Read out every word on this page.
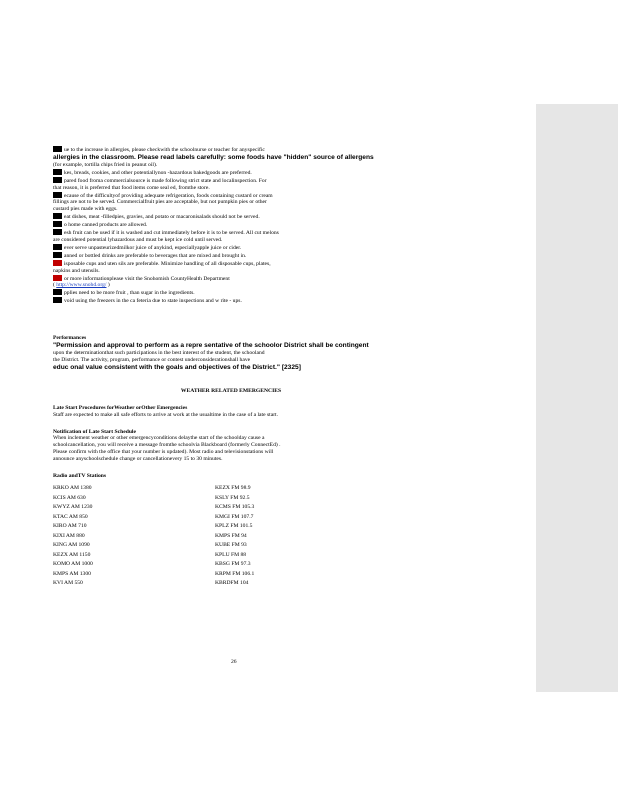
ue to the increase in allergies, please checkwith the schoolnurse or teacher for anyspecific
allergies in the classroom. Please read labels carefully: some foods have "hidden" source of allergens
(for example, tortilla chips fried in peanut oil).
kes, breads, cookies, and other potentiallynon -hazardous bakedgoods are preferred.
pared food froma commercialsource is made following strict state and localinspection. For
that reason, it is preferred that food items come seal ed, fromthe store.
ecause of the difficultyof providing adequate refrigeration, foods containing custard or cream
fillings are not to be served. Commercialfruit pies are acceptable, but not pumpkin pies or other
custard pies made with eggs.
eat dishes, meat -filledpies, gravies, and potato or macaronisalads should not be served.
o home canned products are allowed.
esh fruit can be used if it is washed and cut immediately before it is to be served. All cut melons
are considered potential lyhazardous and must be kept ice cold until served.
ever serve unpasteurizedmilkor juice of anykind, especiallyapple juice or cider.
anned or bottled drinks are preferable to beverages that are mixed and brought in.
isposable cups and uten sils are preferable. Minimize handling of all disposable cups, plates,
napkins and utensils.
or more informationplease visit the Snohomish CountyHealth Department
( http://www.snohd.org/ )
pplies need to be more fruit , than sugar in the ingredients.
void using the freezers in the ca feteria due to state inspections and w rite - ups.
Performances
"Permission and approval to perform as a repre sentative of the schoolor District shall be contingent
upon the determinationthat such participations in the best interest of the student, the schooland
the District. The activity, program, performance or contest underconsiderationshall have
educ onal value consistent with the goals and objectives of the District." [2325]
WEATHER RELATED EMERGENCIES
Late Start Procedures forWeather orOther Emergencies
Staff are expected to make all safe efforts to arrive at work at the usualtime in the case of a late start.
Notification of Late Start Schedule
When inclement weather or other emergencyconditions delaythe start of the schoolday cause a
schoolcancellation, you will receive a message fromthe schoolvia Blackboard (formerly ConnectEd) .
Please confirm with the office that your number is updated). Most radio and televisionstations will
announce anyschoolschedule change or cancellationevery 15 to 30 minutes.
Radio andTV Stations
KRKO AM 1380
KCIS AM 630
KWYZ AM 1230
KTAC AM 850
KIRO AM 710
KIXI AM 880
KING AM 1090
KEZX AM 1150
KOMO AM 1000
KMPS AM 1300
KVI AM 550
KEZX FM 98.9
KSLY FM 92.5
KCMS FM 105.3
KMGI FM 107.7
KPLZ FM 101.5
KMPS FM 94
KUBE FM 93
KPLU FM 88
KBSG FM 97.3
KRPM FM 106.1
KBRDFM 104
26
